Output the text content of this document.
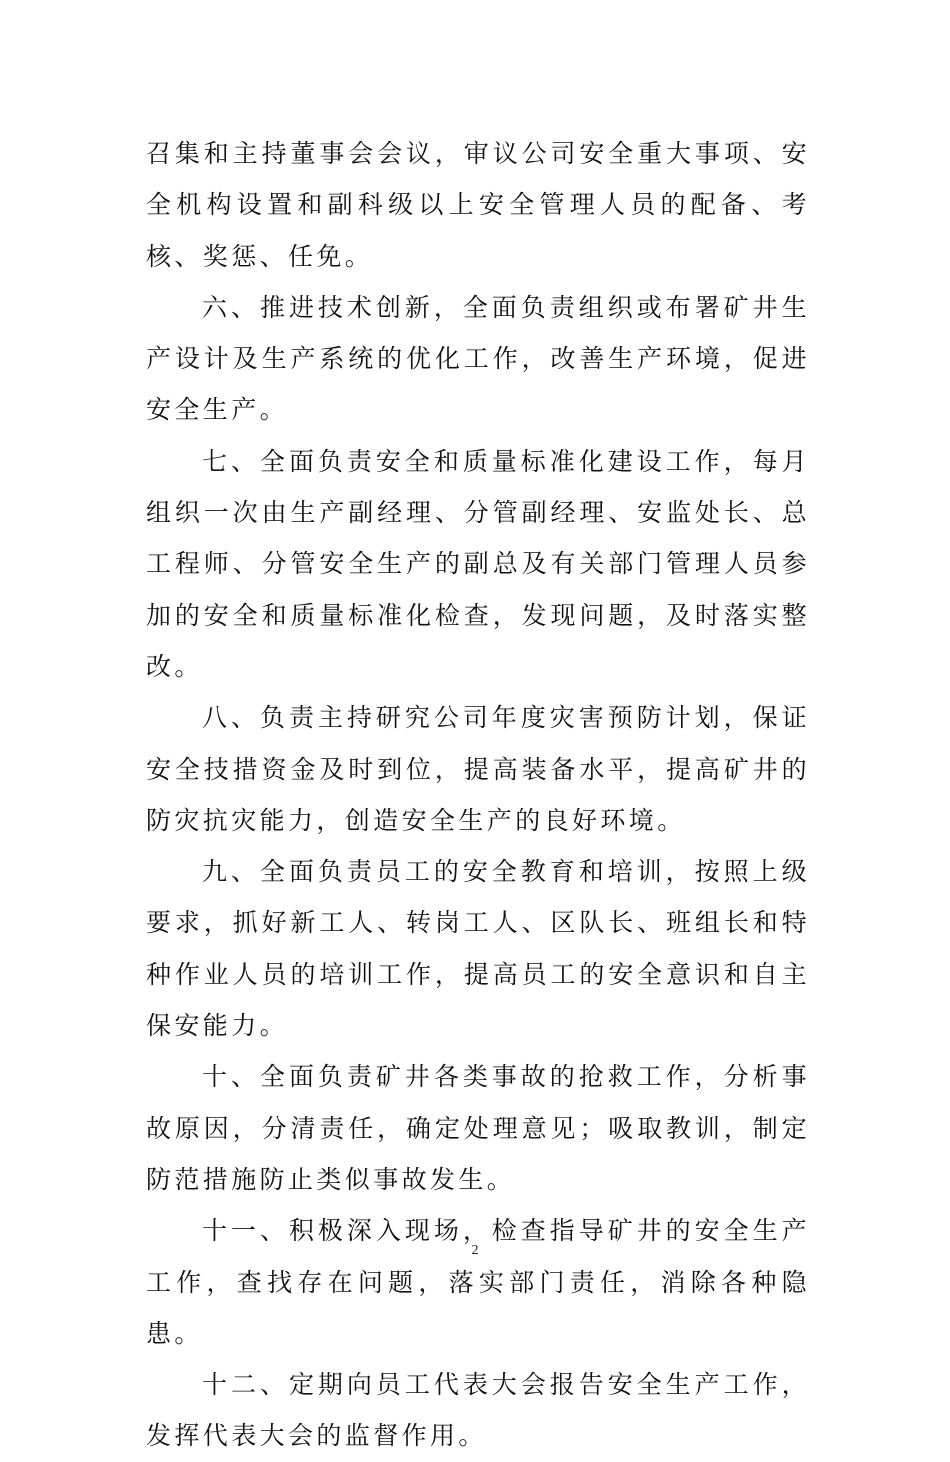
召集和主持董事会会议，审议公司安全重大事项、安全机构设置和副科级以上安全管理人员的配备、考核、奖惩、任免。

六、推进技术创新，全面负责组织或布署矿井生产设计及生产系统的优化工作，改善生产环境，促进安全生产。

七、全面负责安全和质量标准化建设工作，每月组织一次由生产副经理、分管副经理、安监处长、总工程师、分管安全生产的副总及有关部门管理人员参加的安全和质量标准化检查，发现问题，及时落实整改。

八、负责主持研究公司年度灾害预防计划，保证安全技措资金及时到位，提高装备水平，提高矿井的防灾抗灾能力，创造安全生产的良好环境。

九、全面负责员工的安全教育和培训，按照上级要求，抓好新工人、转岗工人、区队长、班组长和特种作业人员的培训工作，提高员工的安全意识和自主保安能力。

十、全面负责矿井各类事故的抢救工作，分析事故原因，分清责任，确定处理意见；吸取教训，制定防范措施防止类似事故发生。

十一、积极深入现场，检查指导矿井的安全生产工作，查找存在问题，落实部门责任，消除各种隐患。

十二、定期向员工代表大会报告安全生产工作，发挥代表大会的监督作用。

2
